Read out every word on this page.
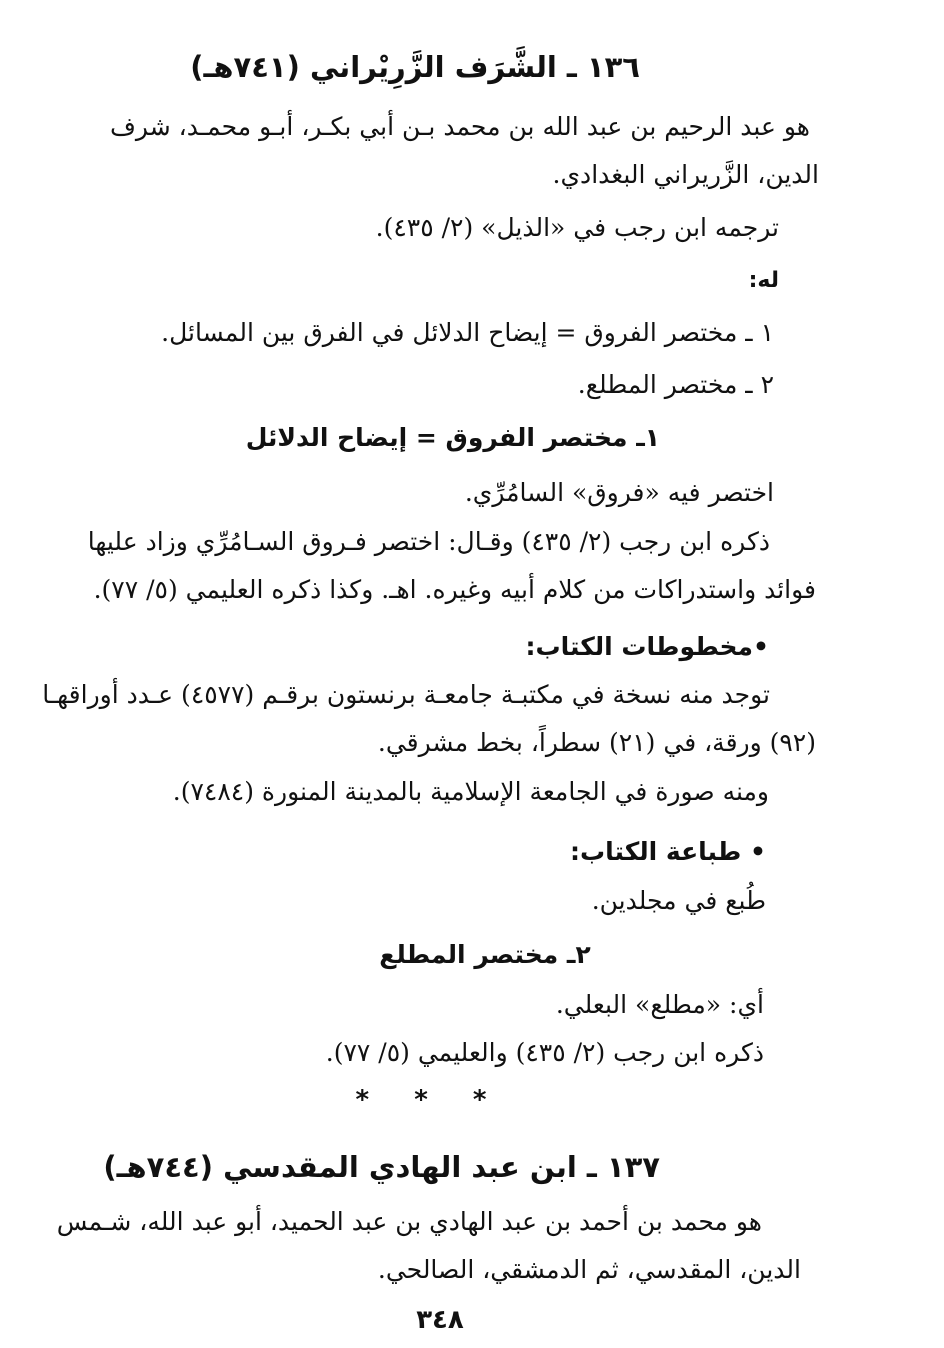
١٣٦ ـ الشَّرَف الزَّرِيْراني (٧٤١هـ)
هو عبد الرحيم بن عبد الله بن محمد بـن أبي بكـر، أبـو محمـد، شرف
الدين، الزَّريراني البغدادي.
ترجمه ابن رجب في «الذيل» (٢/ ٤٣٥).
له:
١ ـ مختصر الفروق = إيضاح الدلائل في الفرق بين المسائل.
٢ ـ مختصر المطلع.
١ـ مختصر الفروق = إيضاح الدلائل
اختصر فيه «فروق» السامُرِّي.
ذكره ابن رجب (٢/ ٤٣٥) وقـال: اختصر فـروق السـامُرِّي وزاد عليها
فوائد واستدراكات من كلام أبيه وغيره. اهـ. وكذا ذكره العليمي (٥/ ٧٧).
•مخطوطات الكتاب:
توجد منه نسخة في مكتبـة جامعـة برنستون برقـم (٤٥٧٧) عـدد أوراقهـا
(٩٢) ورقة، في (٢١) سطراً، بخط مشرقي.
ومنه صورة في الجامعة الإسلامية بالمدينة المنورة (٧٤٨٤).
• طباعة الكتاب:
طُبع في مجلدين.
٢ـ مختصر المطلع
أي: «مطلع» البعلي.
ذكره ابن رجب (٢/ ٤٣٥) والعليمي (٥/ ٧٧).
* * *
١٣٧ ـ ابن عبد الهادي المقدسي (٧٤٤هـ)
هو محمد بن أحمد بن عبد الهادي بن عبد الحميد، أبو عبد الله، شـمس
الدين، المقدسي، ثم الدمشقي، الصالحي.
٣٤٨
